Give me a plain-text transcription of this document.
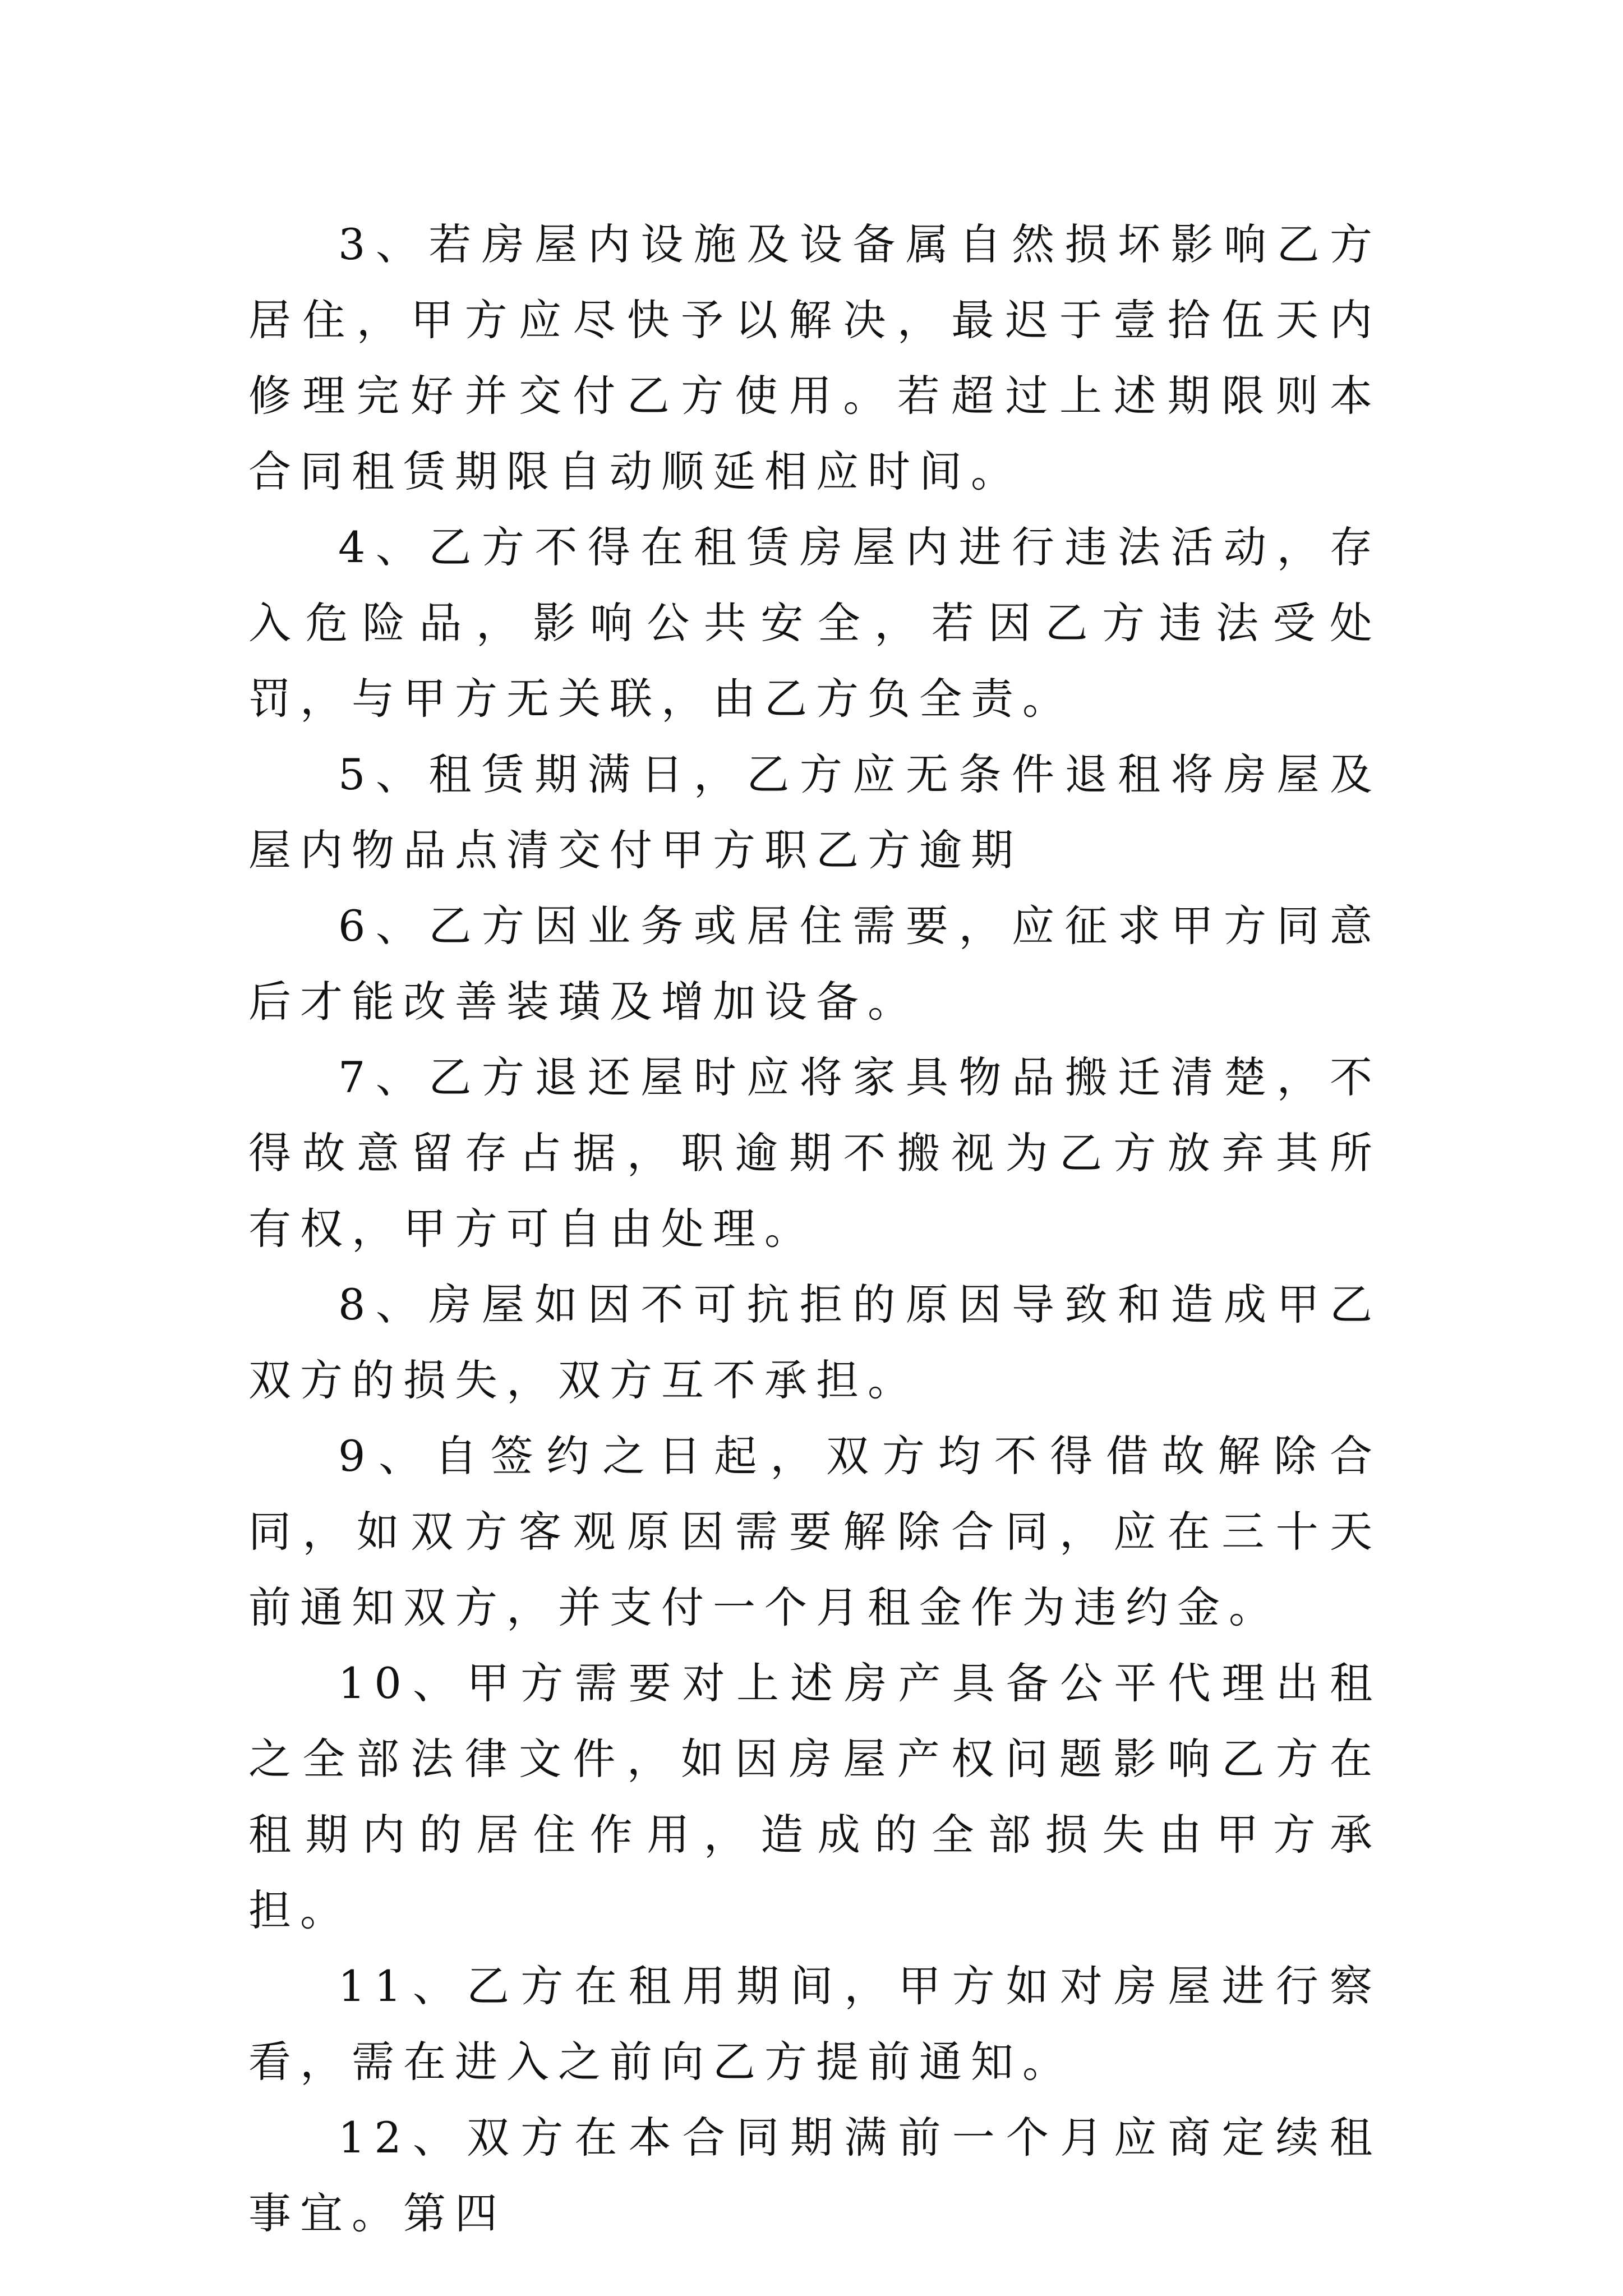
3、若房屋内设施及设备属自然损坏影响乙方居住，甲方应尽快予以解决，最迟于壹拾伍天内修理完好并交付乙方使用。若超过上述期限则本合同租赁期限自动顺延相应时间。

4、乙方不得在租赁房屋内进行违法活动，存入危险品，影响公共安全，若因乙方违法受处罚，与甲方无关联，由乙方负全责。

5、租赁期满日，乙方应无条件退租将房屋及屋内物品点清交付甲方职乙方逾期

6、乙方因业务或居住需要，应征求甲方同意后才能改善装璜及增加设备。

7、乙方退还屋时应将家具物品搬迁清楚，不得故意留存占据，职逾期不搬视为乙方放弃其所有权，甲方可自由处理。

8、房屋如因不可抗拒的原因导致和造成甲乙双方的损失，双方互不承担。

9、自签约之日起，双方均不得借故解除合同，如双方客观原因需要解除合同，应在三十天前通知双方，并支付一个月租金作为违约金。

10、甲方需要对上述房产具备公平代理出租之全部法律文件，如因房屋产权问题影响乙方在租期内的居住作用，造成的全部损失由甲方承担。

11、乙方在租用期间，甲方如对房屋进行察看，需在进入之前向乙方提前通知。

12、双方在本合同期满前一个月应商定续租事宜。第四
